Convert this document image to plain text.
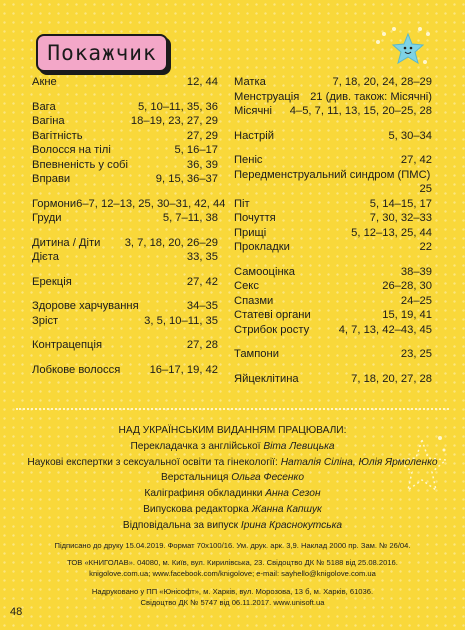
Покажчик
Акне	12, 44
Вага	5, 10–11, 35, 36
Вагіна	18–19, 23, 27, 29
Вагітність	27, 29
Волосся на тілі	5, 16–17
Впевненість у собі	36, 39
Вправи	9, 15, 36–37
Гормони 6–7, 12–13, 25, 30–31, 42, 44
Груди	5, 7–11, 38
Дитина / Діти 3, 7, 18, 20, 26–29
Дієта	33, 35
Ерекція	27, 42
Здорове харчування	34–35
Зріст	3, 5, 10–11, 35
Контрацепція	27, 28
Лобкове волосся	16–17, 19, 42
Матка	7, 18, 20, 24, 28–29
Менструація 21 (див. також: Місячні)
Місячні 4–5, 7, 11, 13, 15, 20–25, 28
Настрій	5, 30–34
Пеніс	27, 42
Передменструальний синдром (ПМС)
25
Піт	5, 14–15, 17
Почуття	7, 30, 32–33
Прищі	5, 12–13, 25, 44
Прокладки	22
Самооцінка	38–39
Секс	26–28, 30
Спазми	24–25
Статеві органи	15, 19, 41
Стрибок росту	4, 7, 13, 42–43, 45
Тампони	23, 25
Яйцеклітина	7, 18, 20, 27, 28
НАД УКРАЇНСЬКИМ ВИДАННЯМ ПРАЦЮВАЛИ:
Перекладачка з англійської Віта Левицька
Наукові експертки з сексуальної освіти та гінекології: Наталія Сіліна, Юлія Ярмоленко
Верстальниця Ольга Фесенко
Каліграфиня обкладинки Анна Сезон
Випускова редакторка Жанна Капшук
Відповідальна за випуск Ірина Краснокутська

Підписано до друку 15.04.2019. Формат 70x100/16. Ум. друк. арк. 3,9. Наклад 2000 пр. Зам. № 26/04.

ТОВ «КНИГОЛАВ». 04080, м. Київ, вул. Кирилівська, 23. Свідоцтво ДК № 5188 від 25.08.2016.

knigolove.com.ua; www.facebook.com/knigolove; e-mail: sayhello@knigolove.com.ua

Надруковано у ПП «Юнісофт», м. Харків, вул. Морозова, 13 б, м. Харків, 61036.

Свідоцтво ДК № 5747 від 06.11.2017. www.unisoft.ua

48
